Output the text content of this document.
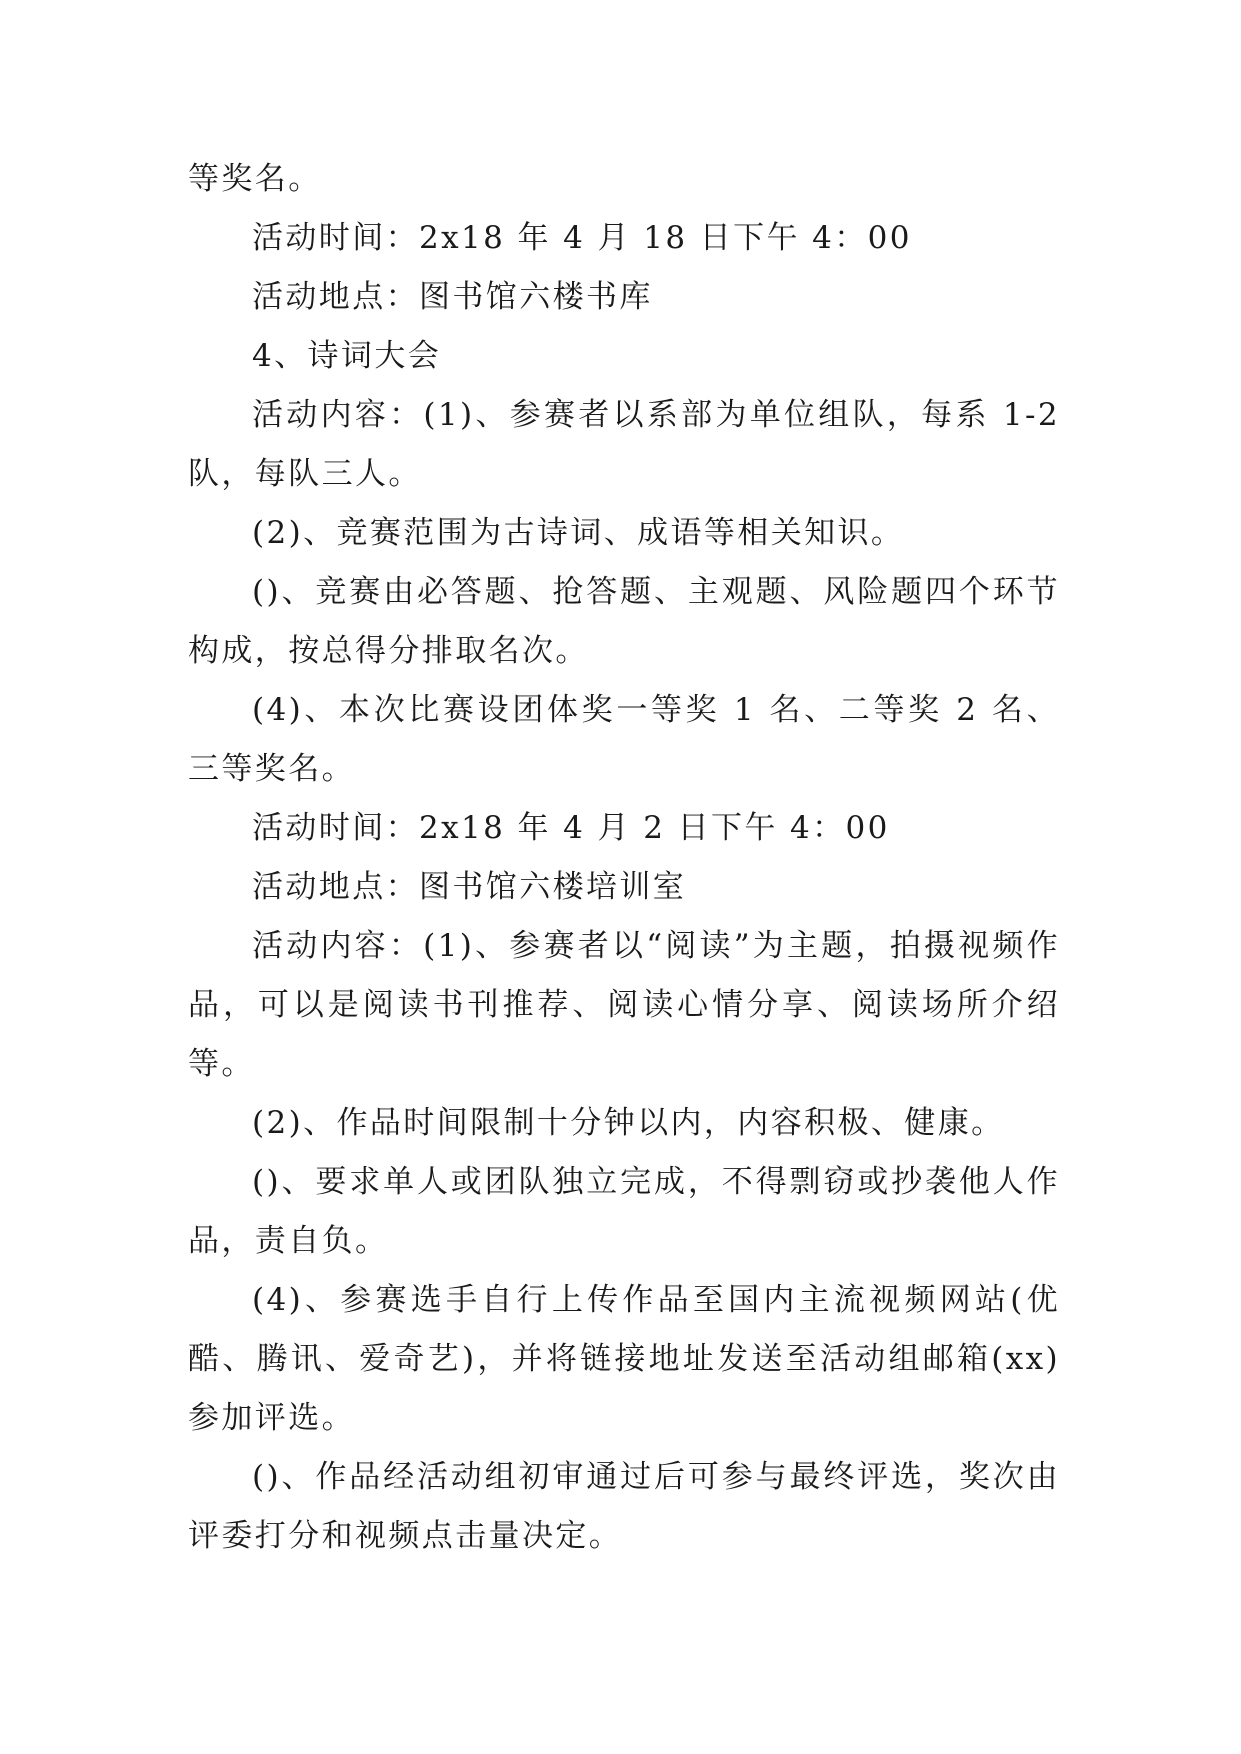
等奖名。

活动时间：2x18 年 4 月 18 日下午 4：00

活动地点：图书馆六楼书库

4、诗词大会

活动内容：(1)、参赛者以系部为单位组队，每系 1-2 队，每队三人。

(2)、竞赛范围为古诗词、成语等相关知识。

()、竞赛由必答题、抢答题、主观题、风险题四个环节构成，按总得分排取名次。

(4)、本次比赛设团体奖一等奖 1 名、二等奖 2 名、三等奖名。

活动时间：2x18 年 4 月 2 日下午 4：00

活动地点：图书馆六楼培训室

活动内容：(1)、参赛者以“阅读”为主题，拍摄视频作品，可以是阅读书刊推荐、阅读心情分享、阅读场所介绍等。

(2)、作品时间限制十分钟以内，内容积极、健康。

()、要求单人或团队独立完成，不得剽窃或抄袭他人作品，责自负。

(4)、参赛选手自行上传作品至国内主流视频网站(优酷、腾讯、爱奇艺)，并将链接地址发送至活动组邮箱(xx)参加评选。

()、作品经活动组初审通过后可参与最终评选，奖次由评委打分和视频点击量决定。
